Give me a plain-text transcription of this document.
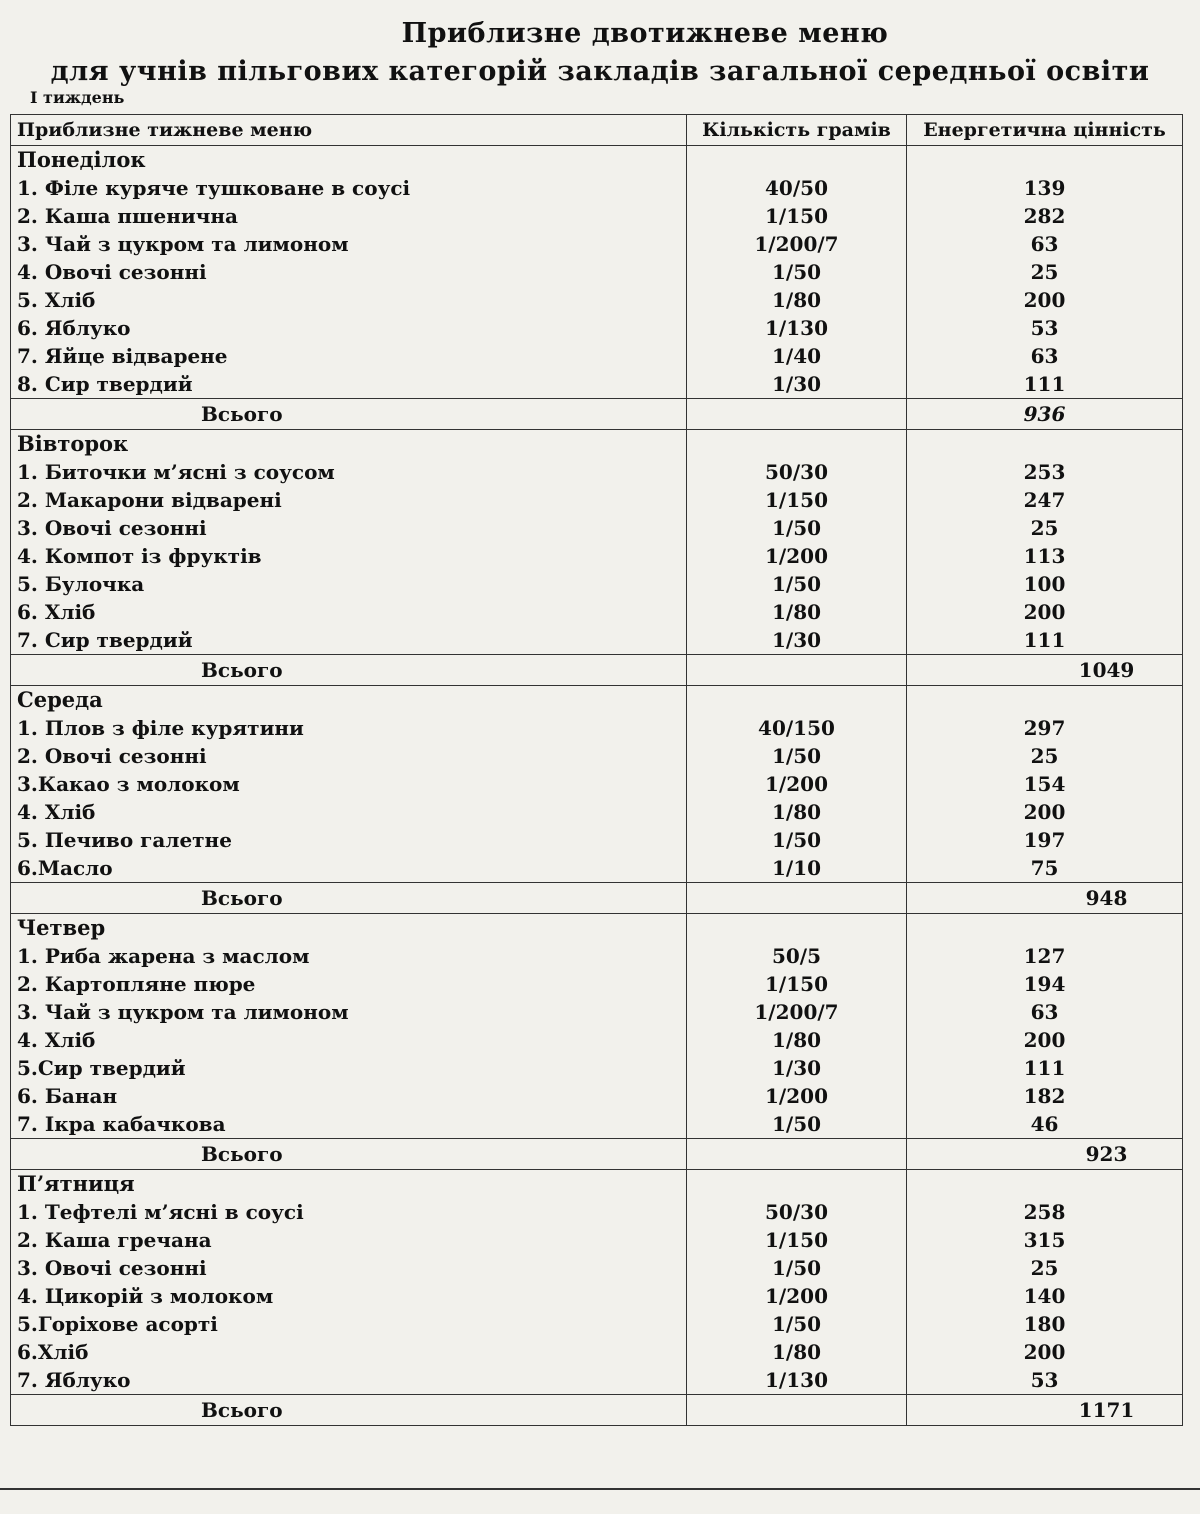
Приблизне двотижневе меню
для учнів пільгових категорій закладів загальної середньої освіти
І тиждень
Приблизне тижневе меню	Кількість грамів	Енергетична цінність
Понеділок		
1. Філе куряче тушковане в соусі	40/50	139
2. Каша пшенична	1/150	282
3. Чай з цукром та лимоном	1/200/7	63
4. Овочі сезонні	1/50	25
5. Хліб	1/80	200
6. Яблуко	1/130	53
7. Яйце відварене	1/40	63
8. Сир твердий	1/30	111
Всього		936
Вівторок		
1. Биточки м’ясні з соусом	50/30	253
2. Макарони відварені	1/150	247
3. Овочі сезонні	1/50	25
4. Компот із фруктів	1/200	113
5. Булочка	1/50	100
6. Хліб	1/80	200
7. Сир твердий	1/30	111
Всього		1049
Середа		
1. Плов з філе курятини	40/150	297
2. Овочі сезонні	1/50	25
3.Какао з молоком	1/200	154
4. Хліб	1/80	200
5. Печиво галетне	1/50	197
6.Масло	1/10	75
Всього		948
Четвер		
1. Риба жарена з маслом	50/5	127
2. Картопляне пюре	1/150	194
3. Чай з цукром та лимоном	1/200/7	63
4. Хліб	1/80	200
5.Сир твердий	1/30	111
6. Банан	1/200	182
7. Ікра кабачкова	1/50	46
Всього		923
П’ятниця		
1. Тефтелі м’ясні в соусі	50/30	258
2. Каша гречана	1/150	315
3. Овочі сезонні	1/50	25
4. Цикорій з молоком	1/200	140
5.Горіхове асорті	1/50	180
6.Хліб	1/80	200
7. Яблуко	1/130	53
Всього		1171
